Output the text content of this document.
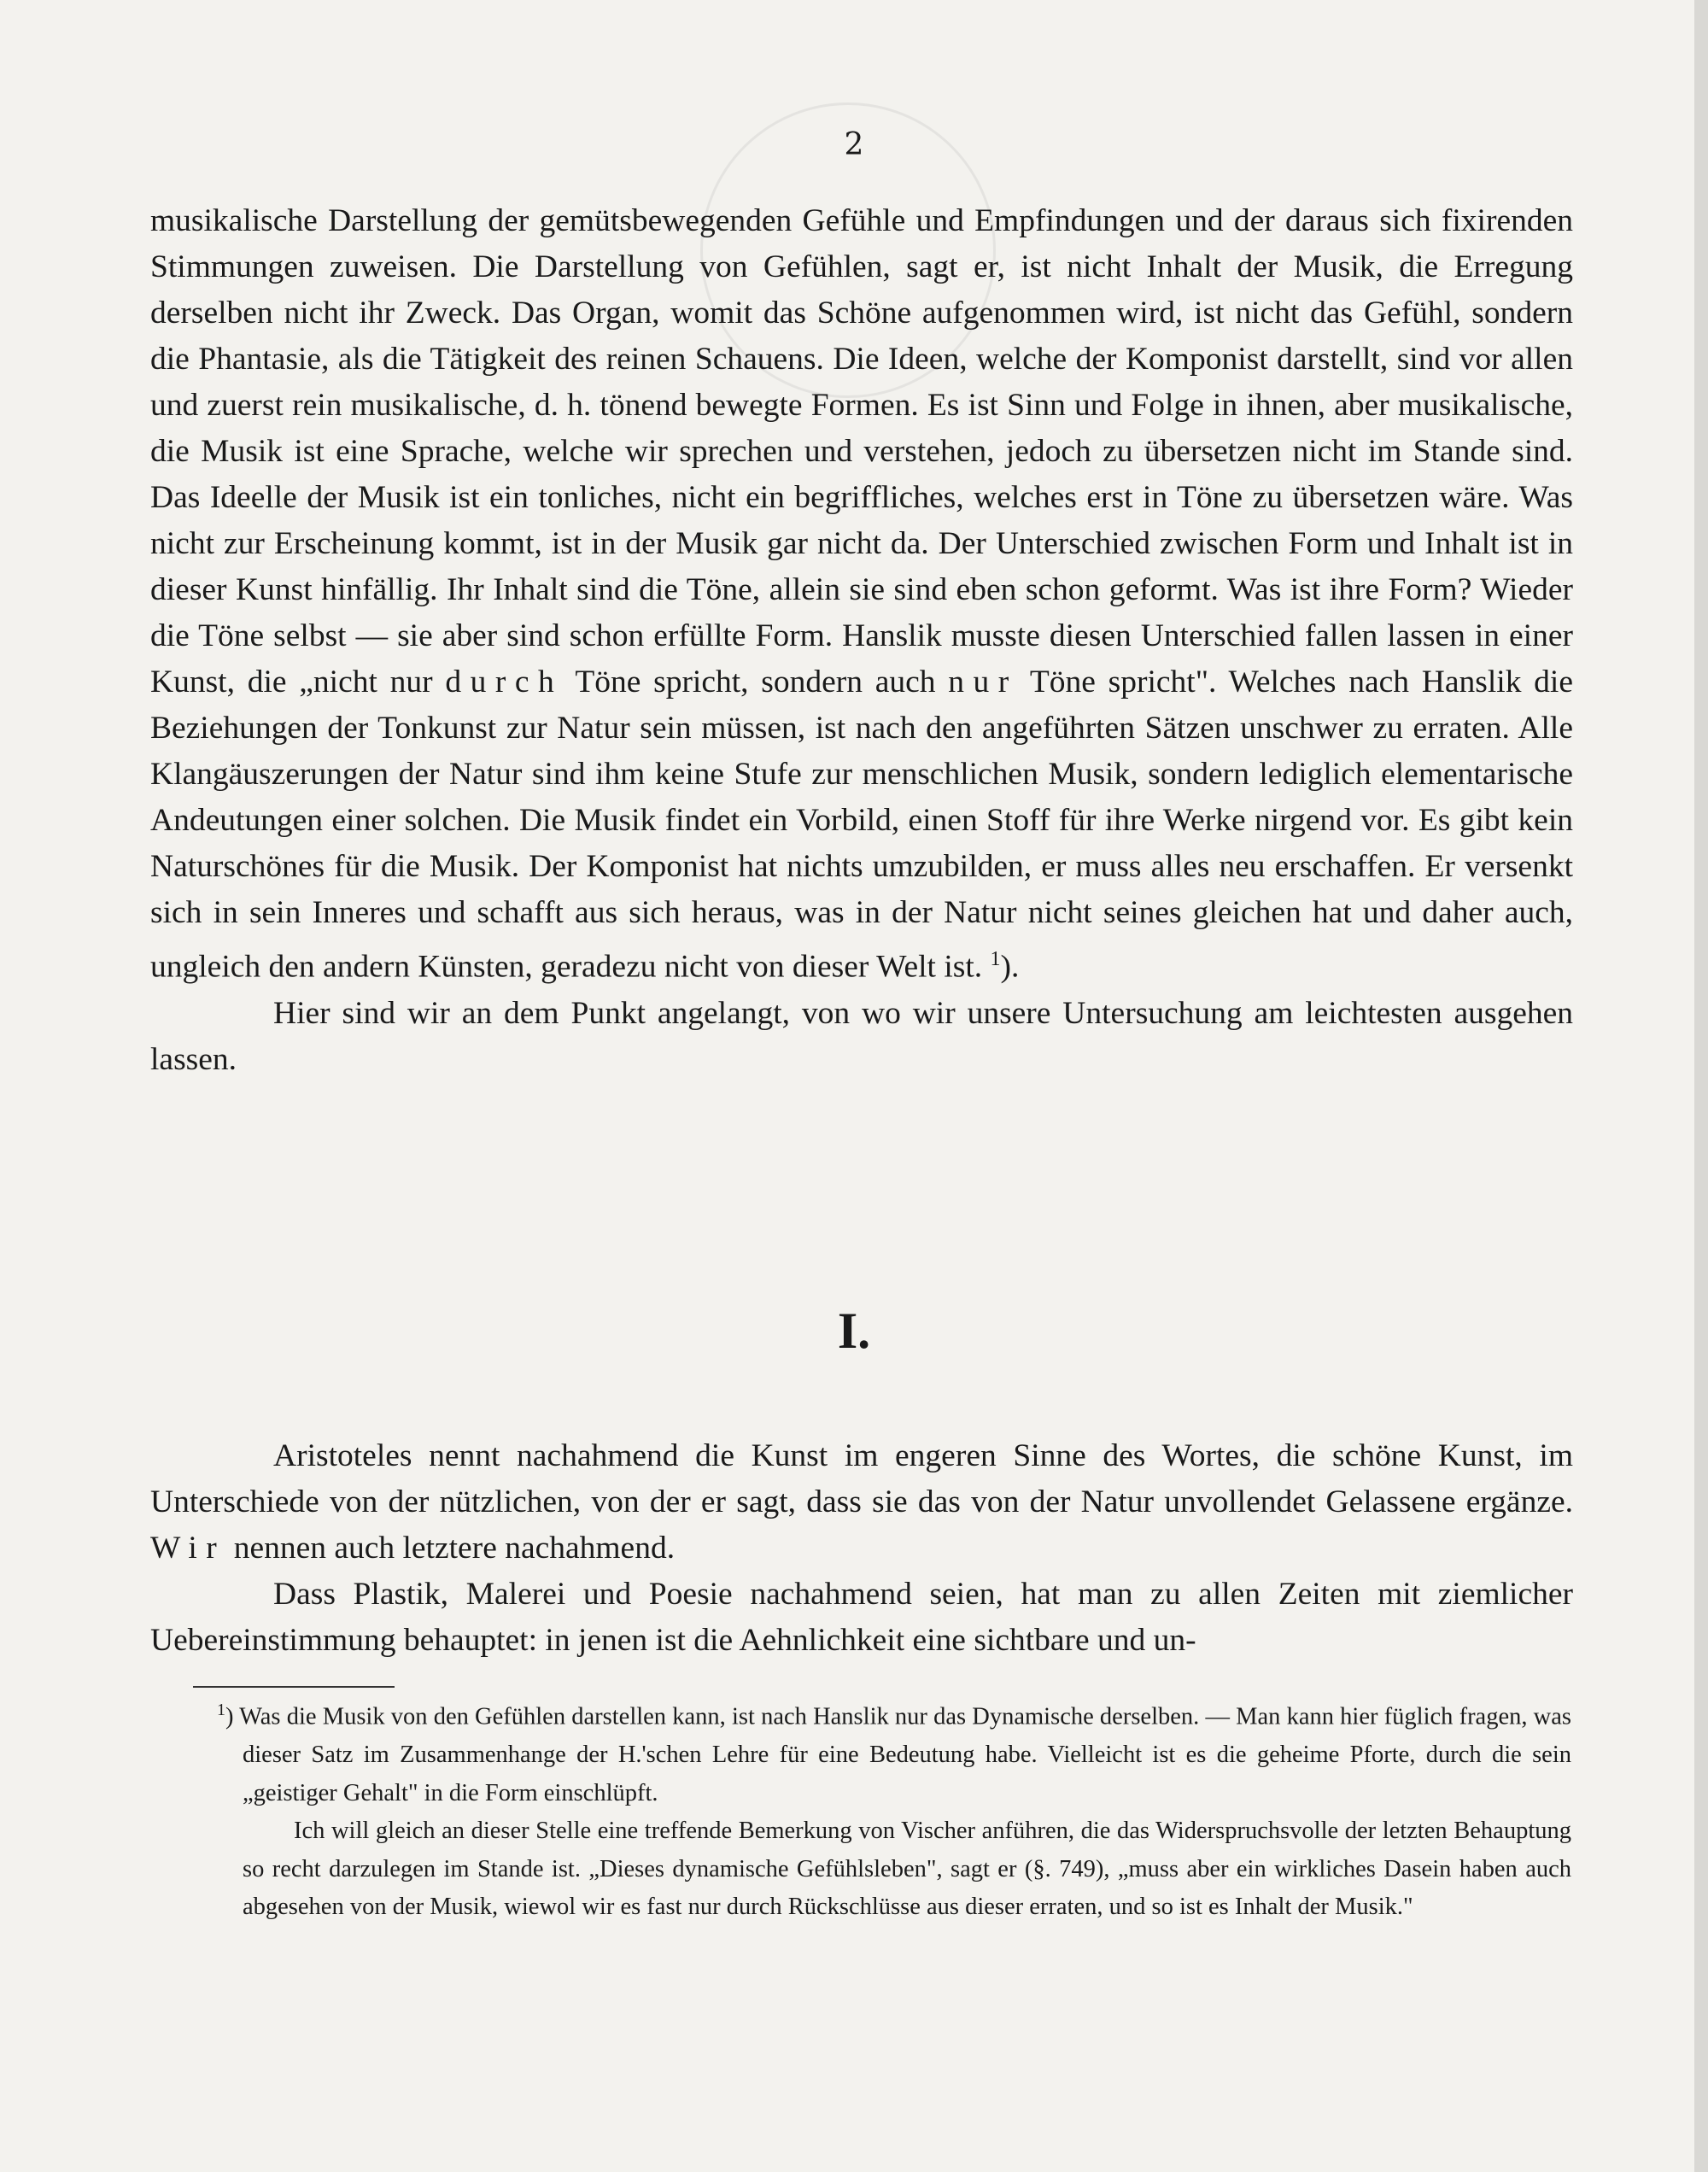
2

musikalische Darstellung der gemütsbewegenden Gefühle und Empfindungen und der daraus sich fixirenden Stimmungen zuweisen. Die Darstellung von Gefühlen, sagt er, ist nicht Inhalt der Musik, die Erregung derselben nicht ihr Zweck. Das Organ, womit das Schöne aufgenommen wird, ist nicht das Gefühl, sondern die Phantasie, als die Tätigkeit des reinen Schauens. Die Ideen, welche der Komponist darstellt, sind vor allen und zuerst rein musikalische, d. h. tönend bewegte Formen. Es ist Sinn und Folge in ihnen, aber musikalische, die Musik ist eine Sprache, welche wir sprechen und verstehen, jedoch zu übersetzen nicht im Stande sind. Das Ideelle der Musik ist ein tonliches, nicht ein begriffliches, welches erst in Töne zu übersetzen wäre. Was nicht zur Erscheinung kommt, ist in der Musik gar nicht da. Der Unterschied zwischen Form und Inhalt ist in dieser Kunst hinfällig. Ihr Inhalt sind die Töne, allein sie sind eben schon geformt. Was ist ihre Form? Wieder die Töne selbst — sie aber sind schon erfüllte Form. Hanslik musste diesen Unterschied fallen lassen in einer Kunst, die „nicht nur durch Töne spricht, sondern auch nur Töne spricht". Welches nach Hanslik die Beziehungen der Tonkunst zur Natur sein müssen, ist nach den angeführten Sätzen unschwer zu erraten. Alle Klangäuszerungen der Natur sind ihm keine Stufe zur menschlichen Musik, sondern lediglich elementarische Andeutungen einer solchen. Die Musik findet ein Vorbild, einen Stoff für ihre Werke nirgend vor. Es gibt kein Naturschönes für die Musik. Der Komponist hat nichts umzubilden, er muss alles neu erschaffen. Er versenkt sich in sein Inneres und schafft aus sich heraus, was in der Natur nicht seines gleichen hat und daher auch, ungleich den andern Künsten, geradezu nicht von dieser Welt ist. $^1$).

Hier sind wir an dem Punkt angelangt, von wo wir unsere Untersuchung am leichtesten ausgehen lassen.

I.

Aristoteles nennt nachahmend die Kunst im engeren Sinne des Wortes, die schöne Kunst, im Unterschiede von der nützlichen, von der er sagt, dass sie das von der Natur unvollendet Gelassene ergänze. Wir nennen auch letztere nachahmend.

Dass Plastik, Malerei und Poesie nachahmend seien, hat man zu allen Zeiten mit ziemlicher Uebereinstimmung behauptet: in jenen ist die Aehnlichkeit eine sichtbare und un-

$^1$) Was die Musik von den Gefühlen darstellen kann, ist nach Hanslik nur das Dynamische derselben. — Man kann hier füglich fragen, was dieser Satz im Zusammenhange der H.'schen Lehre für eine Bedeutung habe. Vielleicht ist es die geheime Pforte, durch die sein „geistiger Gehalt" in die Form einschlüpft.

Ich will gleich an dieser Stelle eine treffende Bemerkung von Vischer anführen, die das Widerspruchsvolle der letzten Behauptung so recht darzulegen im Stande ist. „Dieses dynamische Gefühlsleben", sagt er (§. 749), „muss aber ein wirkliches Dasein haben auch abgesehen von der Musik, wiewol wir es fast nur durch Rückschlüsse aus dieser erraten, und so ist es Inhalt der Musik."
